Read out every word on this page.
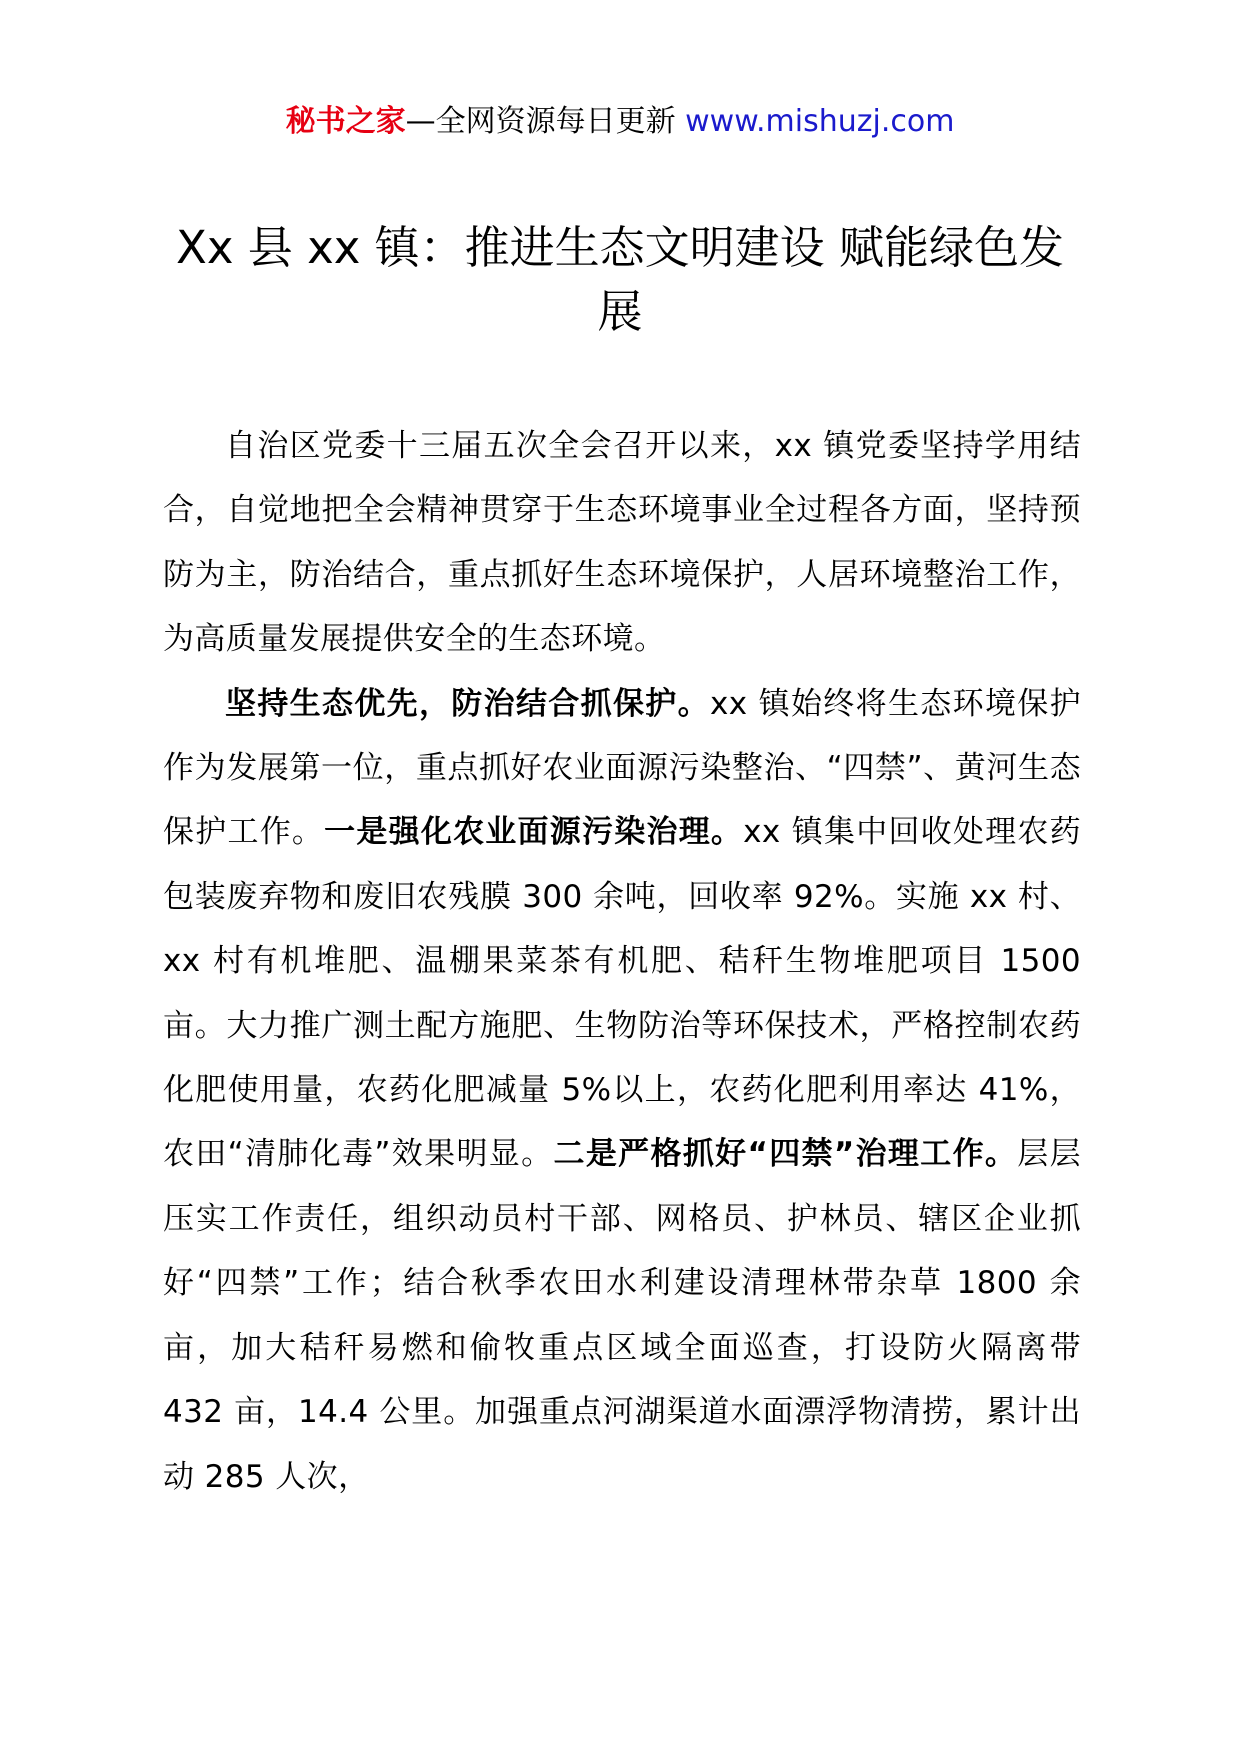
秘书之家—全网资源每日更新 www.mishuzj.com
Xx 县 xx 镇：推进生态文明建设 赋能绿色发展

自治区党委十三届五次全会召开以来，xx 镇党委坚持学用结合，自觉地把全会精神贯穿于生态环境事业全过程各方面，坚持预防为主，防治结合，重点抓好生态环境保护，人居环境整治工作，为高质量发展提供安全的生态环境。

坚持生态优先，防治结合抓保护。xx 镇始终将生态环境保护作为发展第一位，重点抓好农业面源污染整治、“四禁”、黄河生态保护工作。一是强化农业面源污染治理。xx 镇集中回收处理农药包装废弃物和废旧农残膜 300 余吨，回收率 92%。实施 xx 村、xx 村有机堆肥、温棚果菜茶有机肥、秸秆生物堆肥项目 1500 亩。大力推广测土配方施肥、生物防治等环保技术，严格控制农药化肥使用量，农药化肥减量 5%以上，农药化肥利用率达 41%，农田“清肺化毒”效果明显。二是严格抓好“四禁”治理工作。层层压实工作责任，组织动员村干部、网格员、护林员、辖区企业抓好“四禁”工作；结合秋季农田水利建设清理林带杂草 1800 余亩，加大秸秆易燃和偷牧重点区域全面巡查，打设防火隔离带 432 亩，14.4 公里。加强重点河湖渠道水面漂浮物清捞，累计出动 285 人次，
